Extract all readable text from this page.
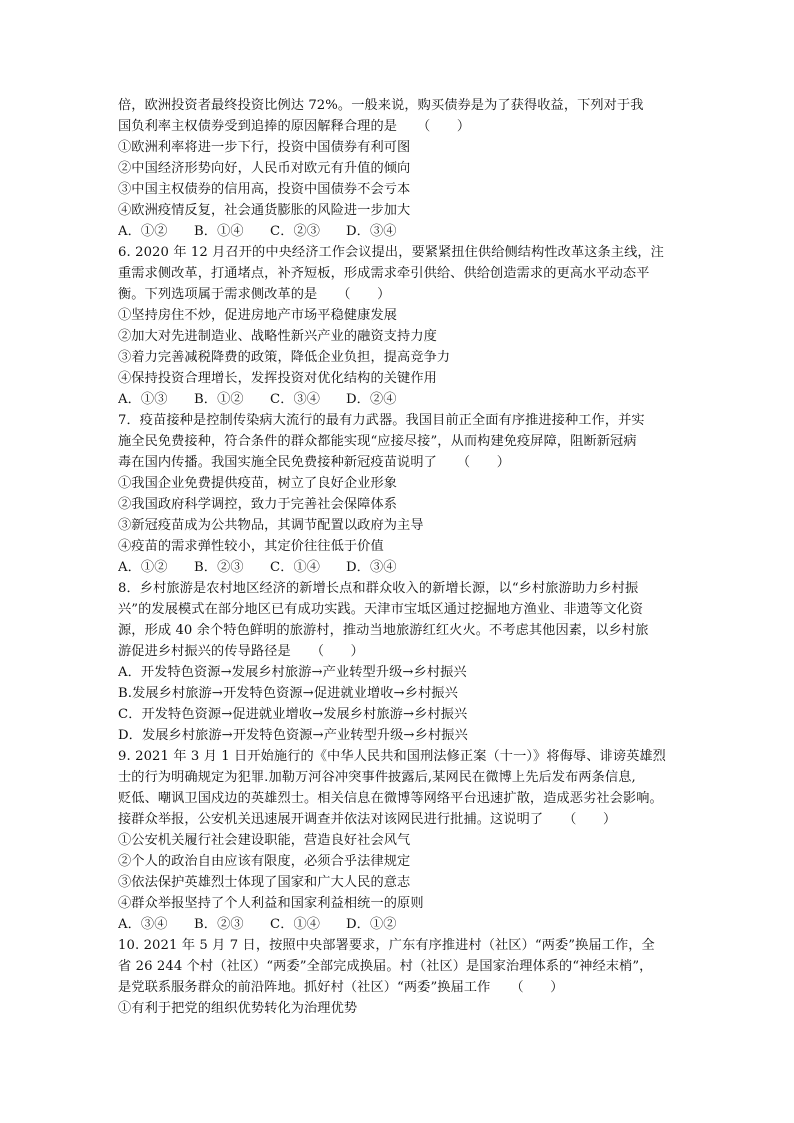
倍，欧洲投资者最终投资比例达 72%。一般来说，购买债券是为了获得收益，下列对于我
国负利率主权债券受到追捧的原因解释合理的是　　（　　）
①欧洲利率将进一步下行，投资中国债券有利可图
②中国经济形势向好，人民币对欧元有升值的倾向
③中国主权债券的信用高，投资中国债券不会亏本
④欧洲疫情反复，社会通货膨胀的风险进一步加大
A．①② B．①④ C．②③ D．③④
6. 2020 年 12 月召开的中央经济工作会议提出，要紧紧扭住供给侧结构性改革这条主线，注
重需求侧改革，打通堵点，补齐短板，形成需求牵引供给、供给创造需求的更高水平动态平
衡。下列选项属于需求侧改革的是　　（　　）
①坚持房住不炒，促进房地产市场平稳健康发展
②加大对先进制造业、战略性新兴产业的融资支持力度
③着力完善减税降费的政策，降低企业负担，提高竞争力
④保持投资合理增长，发挥投资对优化结构的关键作用
A．①③ B．①② C．③④ D．②④
7．疫苗接种是控制传染病大流行的最有力武器。我国目前正全面有序推进接种工作，并实
施全民免费接种，符合条件的群众都能实现“应接尽接”，从而构建免疫屏障，阻断新冠病
毒在国内传播。我国实施全民免费接种新冠疫苗说明了　　（　　）
①我国企业免费提供疫苗，树立了良好企业形象
②我国政府科学调控，致力于完善社会保障体系
③新冠疫苗成为公共物品，其调节配置以政府为主导
④疫苗的需求弹性较小，其定价往往低于价值
A．①② B．②③ C．①④ D．③④
8．乡村旅游是农村地区经济的新增长点和群众收入的新增长源，以“乡村旅游助力乡村振
兴”的发展模式在部分地区已有成功实践。天津市宝坻区通过挖掘地方渔业、非遗等文化资
源，形成 40 余个特色鲜明的旅游村，推动当地旅游红红火火。不考虑其他因素，以乡村旅
游促进乡村振兴的传导路径是　　（　　）
A．开发特色资源→发展乡村旅游→产业转型升级→乡村振兴
B.发展乡村旅游→开发特色资源→促进就业增收→乡村振兴
C．开发特色资源→促进就业增收→发展乡村旅游→乡村振兴
D．发展乡村旅游→开发特色资源→产业转型升级→乡村振兴
9. 2021 年 3 月 1 日开始施行的《中华人民共和国刑法修正案（十一）》将侮辱、诽谤英雄烈
士的行为明确规定为犯罪.加勒万河谷冲突事件披露后,某网民在微博上先后发布两条信息,
贬低、嘲讽卫国戍边的英雄烈士。相关信息在微博等网络平台迅速扩散，造成恶劣社会影响。
接群众举报，公安机关迅速展开调查并依法对该网民进行批捕。这说明了　　（　　）
①公安机关履行社会建设职能，营造良好社会风气
②个人的政治自由应该有限度，必须合乎法律规定
③依法保护英雄烈士体现了国家和广大人民的意志
④群众举报坚持了个人利益和国家利益相统一的原则
A．③④ B．②③ C．①④ D．①②
10. 2021 年 5 月 7 日，按照中央部署要求，广东有序推进村（社区）“两委”换届工作，全
省 26 244 个村（社区）“两委”全部完成换届。村（社区）是国家治理体系的“神经末梢”，
是党联系服务群众的前沿阵地。抓好村（社区）“两委”换届工作　　（　　）
①有利于把党的组织优势转化为治理优势
